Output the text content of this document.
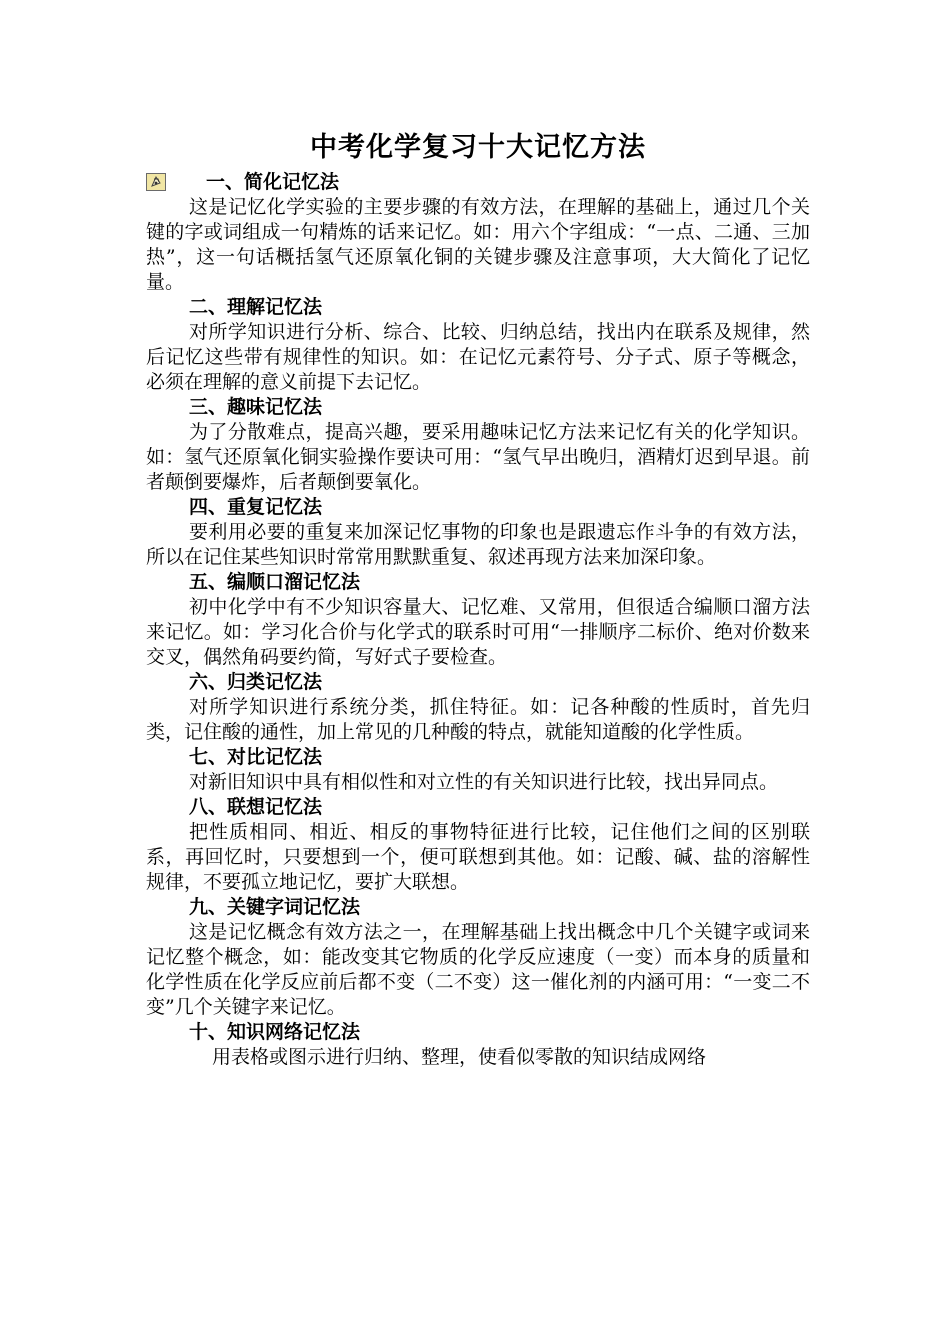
中考化学复习十大记忆方法

一、简化记忆法

这是记忆化学实验的主要步骤的有效方法，在理解的基础上，通过几个关键的字或词组成一句精炼的话来记忆。如：用六个字组成：“一点、二通、三加热”，这一句话概括氢气还原氧化铜的关键步骤及注意事项，大大简化了记忆量。

二、理解记忆法

对所学知识进行分析、综合、比较、归纳总结，找出内在联系及规律，然后记忆这些带有规律性的知识。如：在记忆元素符号、分子式、原子等概念，必须在理解的意义前提下去记忆。

三、趣味记忆法

为了分散难点，提高兴趣，要采用趣味记忆方法来记忆有关的化学知识。如：氢气还原氧化铜实验操作要诀可用：“氢气早出晚归，酒精灯迟到早退。前者颠倒要爆炸，后者颠倒要氧化。

四、重复记忆法

要利用必要的重复来加深记忆事物的印象也是跟遗忘作斗争的有效方法，所以在记住某些知识时常常用默默重复、叙述再现方法来加深印象。

五、编顺口溜记忆法

初中化学中有不少知识容量大、记忆难、又常用，但很适合编顺口溜方法来记忆。如：学习化合价与化学式的联系时可用“一排顺序二标价、绝对价数来交叉，偶然角码要约简，写好式子要检查。

六、归类记忆法

对所学知识进行系统分类，抓住特征。如：记各种酸的性质时，首先归类，记住酸的通性，加上常见的几种酸的特点，就能知道酸的化学性质。

七、对比记忆法

对新旧知识中具有相似性和对立性的有关知识进行比较，找出异同点。

八、联想记忆法

把性质相同、相近、相反的事物特征进行比较，记住他们之间的区别联系，再回忆时，只要想到一个，便可联想到其他。如：记酸、碱、盐的溶解性规律，不要孤立地记忆，要扩大联想。

九、关键字词记忆法

这是记忆概念有效方法之一，在理解基础上找出概念中几个关键字或词来记忆整个概念，如：能改变其它物质的化学反应速度（一变）而本身的质量和化学性质在化学反应前后都不变（二不变）这一催化剂的内涵可用：“一变二不变”几个关键字来记忆。

十、知识网络记忆法

用表格或图示进行归纳、整理，使看似零散的知识结成网络
